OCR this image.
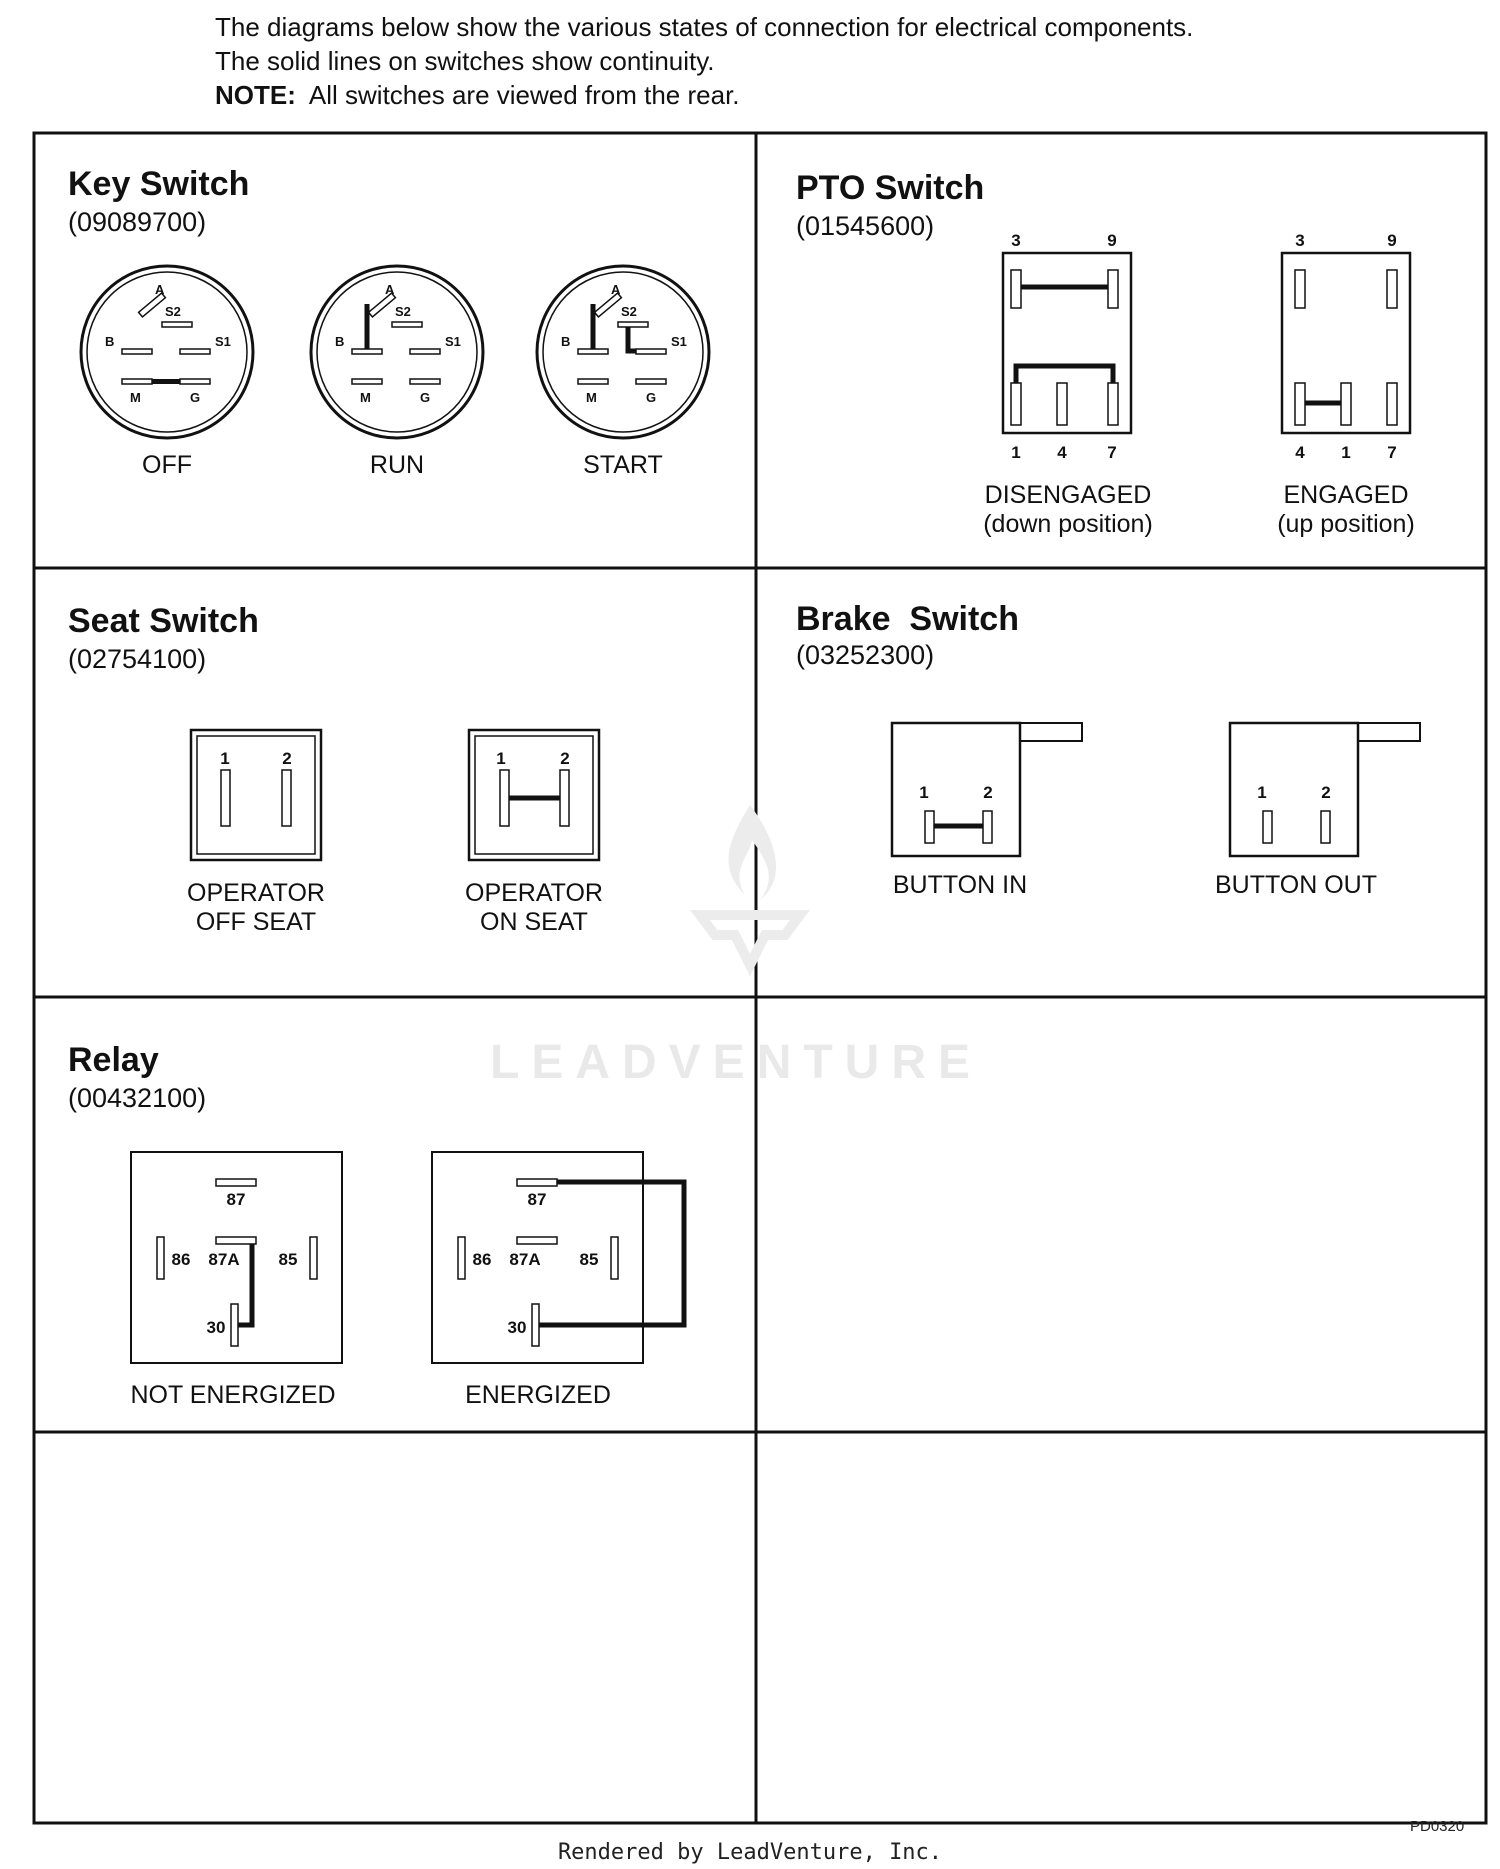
The diagrams below show the various states of connection for electrical components.
The solid lines on switches show continuity.
NOTE: All switches are viewed from the rear.
LEADVENTURE
Key Switch
(09089700)
A
S2
B	S1
M	G
OFF
A
S2
B	S1
M	G
RUN
A
S2
B	S1
M	G
START
PTO Switch
(01545600)	3	9
1 4 7
DISENGAGED
(down position)
3	9
4 1 7
ENGAGED
(up position)
Seat Switch
(02754100)
1	2
OPERATOR
OFF SEAT
1	2
OPERATOR
ON SEAT
Brake  Switch
(03252300)
1	2
BUTTON IN
1	2
BUTTON OUT
Relay
(00432100)
87
86 87A 85
30
NOT ENERGIZED
87
86 87A 85
30
ENERGIZED
PD0320
Rendered by LeadVenture, Inc.
